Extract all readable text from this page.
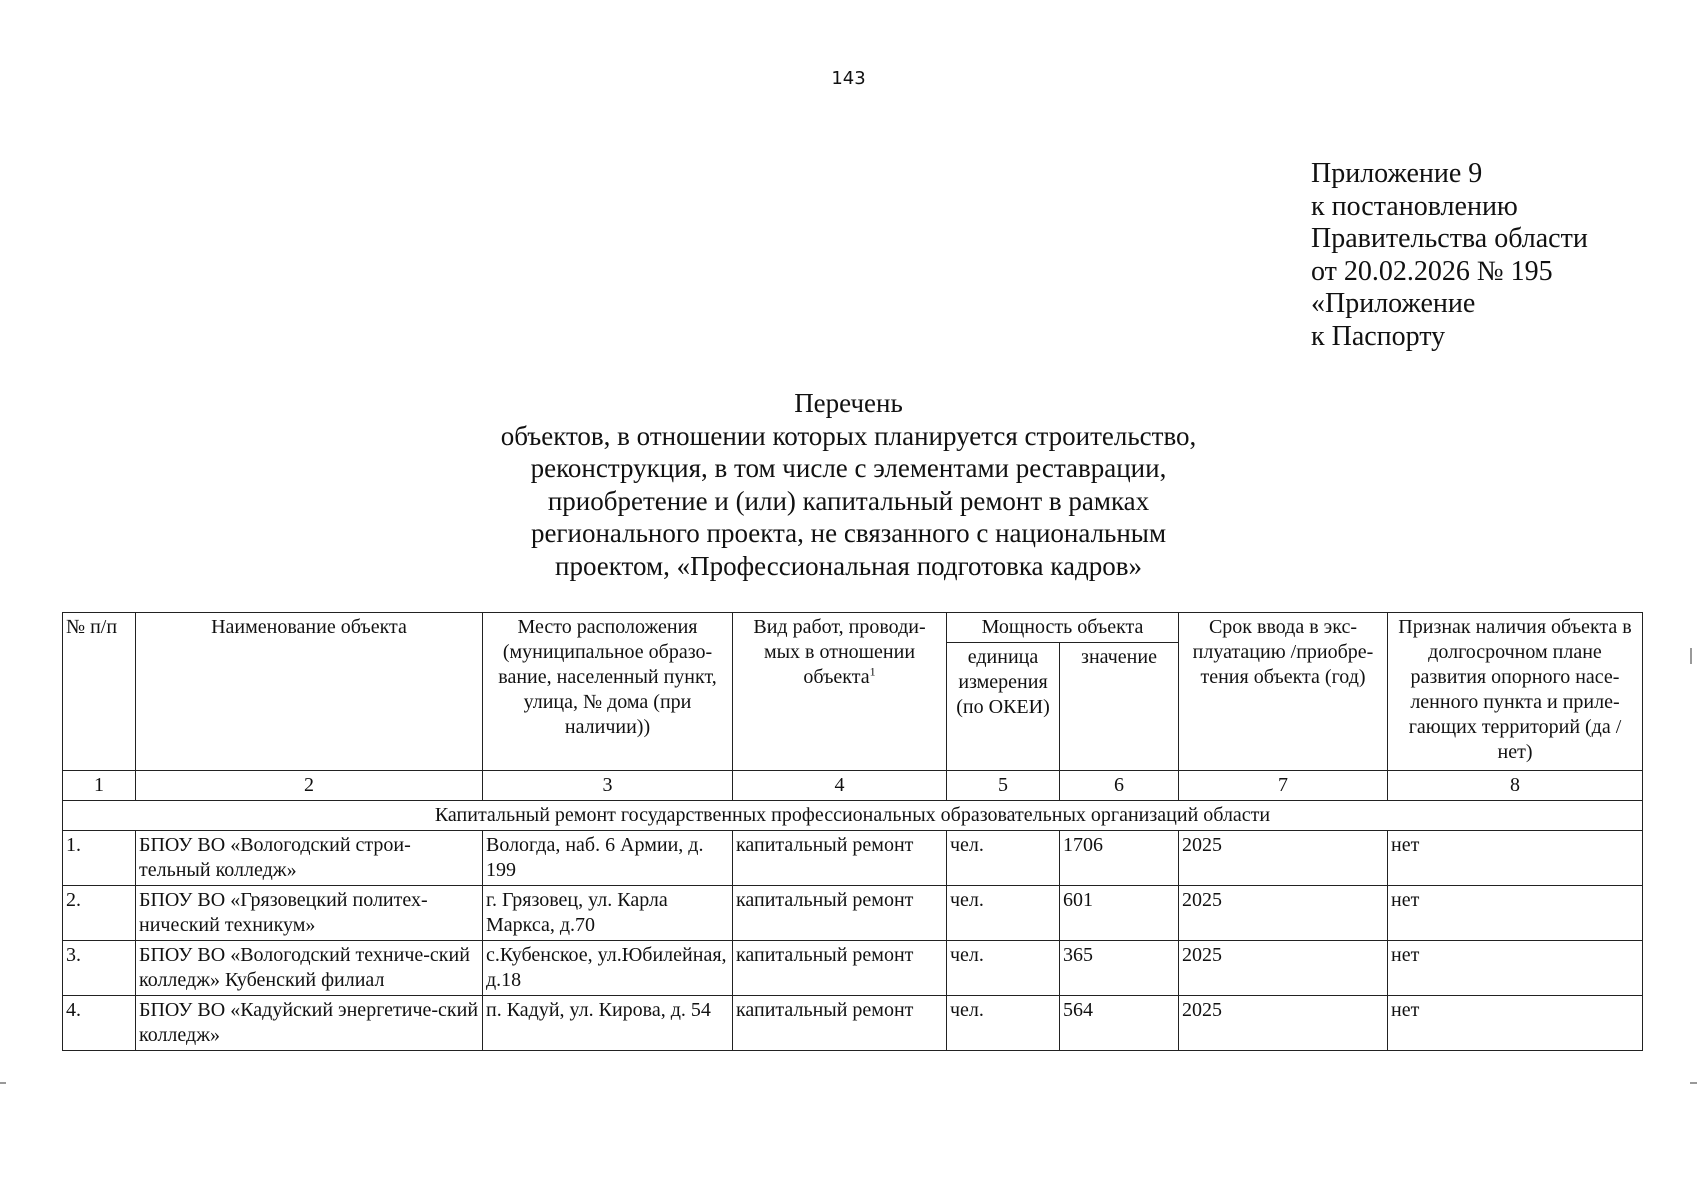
143
Приложение 9
к постановлению
Правительства области
от 20.02.2026 № 195
«Приложение
к Паспорту
Перечень
объектов, в отношении которых планируется строительство,
реконструкция, в том числе с элементами реставрации,
приобретение и (или) капитальный ремонт в рамках
регионального проекта, не связанного с национальным
проектом, «Профессиональная подготовка кадров»
№ п/п	Наименование объекта	Место расположения (муниципальное образо-вание, населенный пункт, улица, № дома (при наличии))	Вид работ, проводи-мых в отношении объекта$^1$	Мощность объекта		Срок ввода в экс-плуатацию /приобре-тения объекта (год)	Признак наличия объекта в долгосрочном плане развития опорного насе-ленного пункта и приле-гающих территорий (да / нет)
				единица измерения (по ОКЕИ)	значение		
1	2	3	4	5	6	7	8
Капитальный ремонт государственных профессиональных образовательных организаций области							
1.	БПОУ ВО «Вологодский строи-тельный колледж»	Вологда, наб. 6 Армии, д. 199	капитальный ремонт	чел.	1706	2025	нет
2.	БПОУ ВО «Грязовецкий политех-нический техникум»	г. Грязовец, ул. Карла Маркса, д.70	капитальный ремонт	чел.	601	2025	нет
3.	БПОУ ВО «Вологодский техниче-ский колледж» Кубенский филиал	с.Кубенское, ул.Юбилейная, д.18	капитальный ремонт	чел.	365	2025	нет
4.	БПОУ ВО «Кадуйский энергетиче-ский колледж»	п. Кадуй, ул. Кирова, д. 54	капитальный ремонт	чел.	564	2025	нет
